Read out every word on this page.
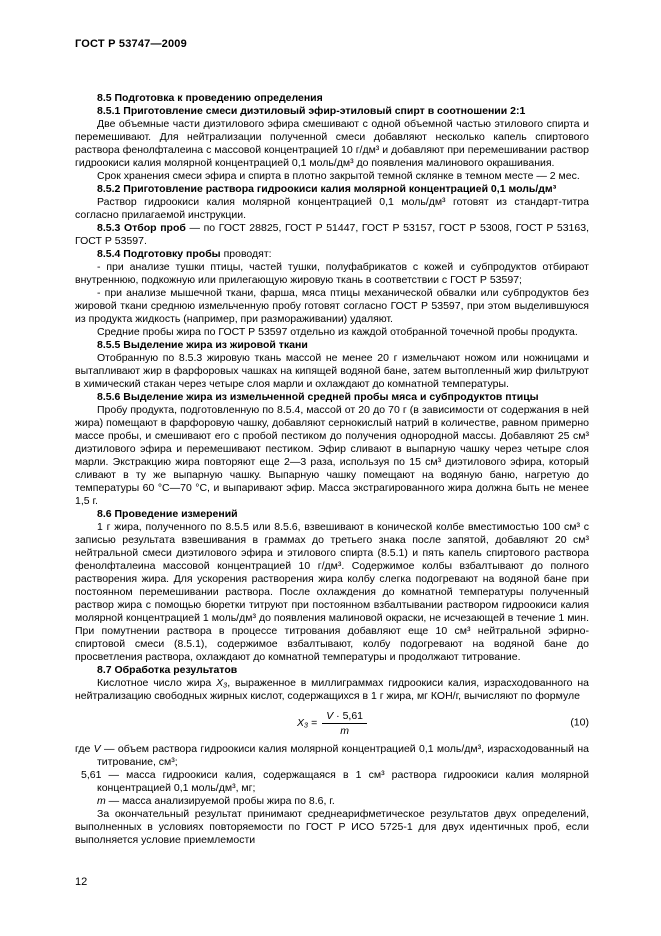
ГОСТ Р 53747—2009
8.5 Подготовка к проведению определения
8.5.1 Приготовление смеси диэтиловый эфир-этиловый спирт в соотношении 2:1
Две объемные части диэтилового эфира смешивают с одной объемной частью этилового спирта и перемешивают. Для нейтрализации полученной смеси добавляют несколько капель спиртового раствора фенолфталеина с массовой концентрацией 10 г/дм³ и добавляют при перемешивании раствор гидроокиси калия молярной концентрацией 0,1 моль/дм³ до появления малинового окрашивания.
Срок хранения смеси эфира и спирта в плотно закрытой темной склянке в темном месте — 2 мес.
8.5.2 Приготовление раствора гидроокиси калия молярной концентрацией 0,1 моль/дм³
Раствор гидроокиси калия молярной концентрацией 0,1 моль/дм³ готовят из стандарт-титра согласно прилагаемой инструкции.
8.5.3 Отбор проб — по ГОСТ 28825, ГОСТ Р 51447, ГОСТ Р 53157, ГОСТ Р 53008, ГОСТ Р 53163, ГОСТ Р 53597.
8.5.4 Подготовку пробы проводят:
- при анализе тушки птицы, частей тушки, полуфабрикатов с кожей и субпродуктов отбирают внутреннюю, подкожную или прилегающую жировую ткань в соответствии с ГОСТ Р 53597;
- при анализе мышечной ткани, фарша, мяса птицы механической обвалки или субпродуктов без жировой ткани среднюю измельченную пробу готовят согласно ГОСТ Р 53597, при этом выделившуюся из продукта жидкость (например, при размораживании) удаляют.
Средние пробы жира по ГОСТ Р 53597 отдельно из каждой отобранной точечной пробы продукта.
8.5.5 Выделение жира из жировой ткани
Отобранную по 8.5.3 жировую ткань массой не менее 20 г измельчают ножом или ножницами и вытапливают жир в фарфоровых чашках на кипящей водяной бане, затем вытопленный жир фильтруют в химический стакан через четыре слоя марли и охлаждают до комнатной температуры.
8.5.6 Выделение жира из измельченной средней пробы мяса и субпродуктов птицы
Пробу продукта, подготовленную по 8.5.4, массой от 20 до 70 г (в зависимости от содержания в ней жира) помещают в фарфоровую чашку, добавляют сернокислый натрий в количестве, равном примерно массе пробы, и смешивают его с пробой пестиком до получения однородной массы. Добавляют 25 см³ диэтилового эфира и перемешивают пестиком. Эфир сливают в выпарную чашку через четыре слоя марли. Экстракцию жира повторяют еще 2—3 раза, используя по 15 см³ диэтилового эфира, который сливают в ту же выпарную чашку. Выпарную чашку помещают на водяную баню, нагретую до температуры 60 °C—70 °C, и выпаривают эфир. Масса экстрагированного жира должна быть не менее 1,5 г.
8.6 Проведение измерений
1 г жира, полученного по 8.5.5 или 8.5.6, взвешивают в конической колбе вместимостью 100 см³ с записью результата взвешивания в граммах до третьего знака после запятой, добавляют 20 см³ нейтральной смеси диэтилового эфира и этилового спирта (8.5.1) и пять капель спиртового раствора фенолфталеина массовой концентрацией 10 г/дм³. Содержимое колбы взбалтывают до полного растворения жира. Для ускорения растворения жира колбу слегка подогревают на водяной бане при постоянном перемешивании раствора. После охлаждения до комнатной температуры полученный раствор жира с помощью бюретки титруют при постоянном взбалтывании раствором гидроокиси калия молярной концентрацией 1 моль/дм³ до появления малиновой окраски, не исчезающей в течение 1 мин. При помутнении раствора в процессе титрования добавляют еще 10 см³ нейтральной эфирно-спиртовой смеси (8.5.1), содержимое взбалтывают, колбу подогревают на водяной бане до просветления раствора, охлаждают до комнатной температуры и продолжают титрование.
8.7 Обработка результатов
Кислотное число жира X₃, выраженное в миллиграммах гидроокиси калия, израсходованного на нейтрализацию свободных жирных кислот, содержащихся в 1 г жира, мг КОН/г, вычисляют по формуле
$X_3 = \frac{V \cdot 5,61}{m}$	(10)
где V — объем раствора гидроокиси калия молярной концентрацией 0,1 моль/дм³, израсходованный на титрование, см³;
5,61 — масса гидроокиси калия, содержащаяся в 1 см³ раствора гидроокиси калия молярной концентрацией 0,1 моль/дм³, мг;
m — масса анализируемой пробы жира по 8.6, г.
За окончательный результат принимают среднеарифметическое результатов двух определений, выполненных в условиях повторяемости по ГОСТ Р ИСО 5725-1 для двух идентичных проб, если выполняется условие приемлемости
12
